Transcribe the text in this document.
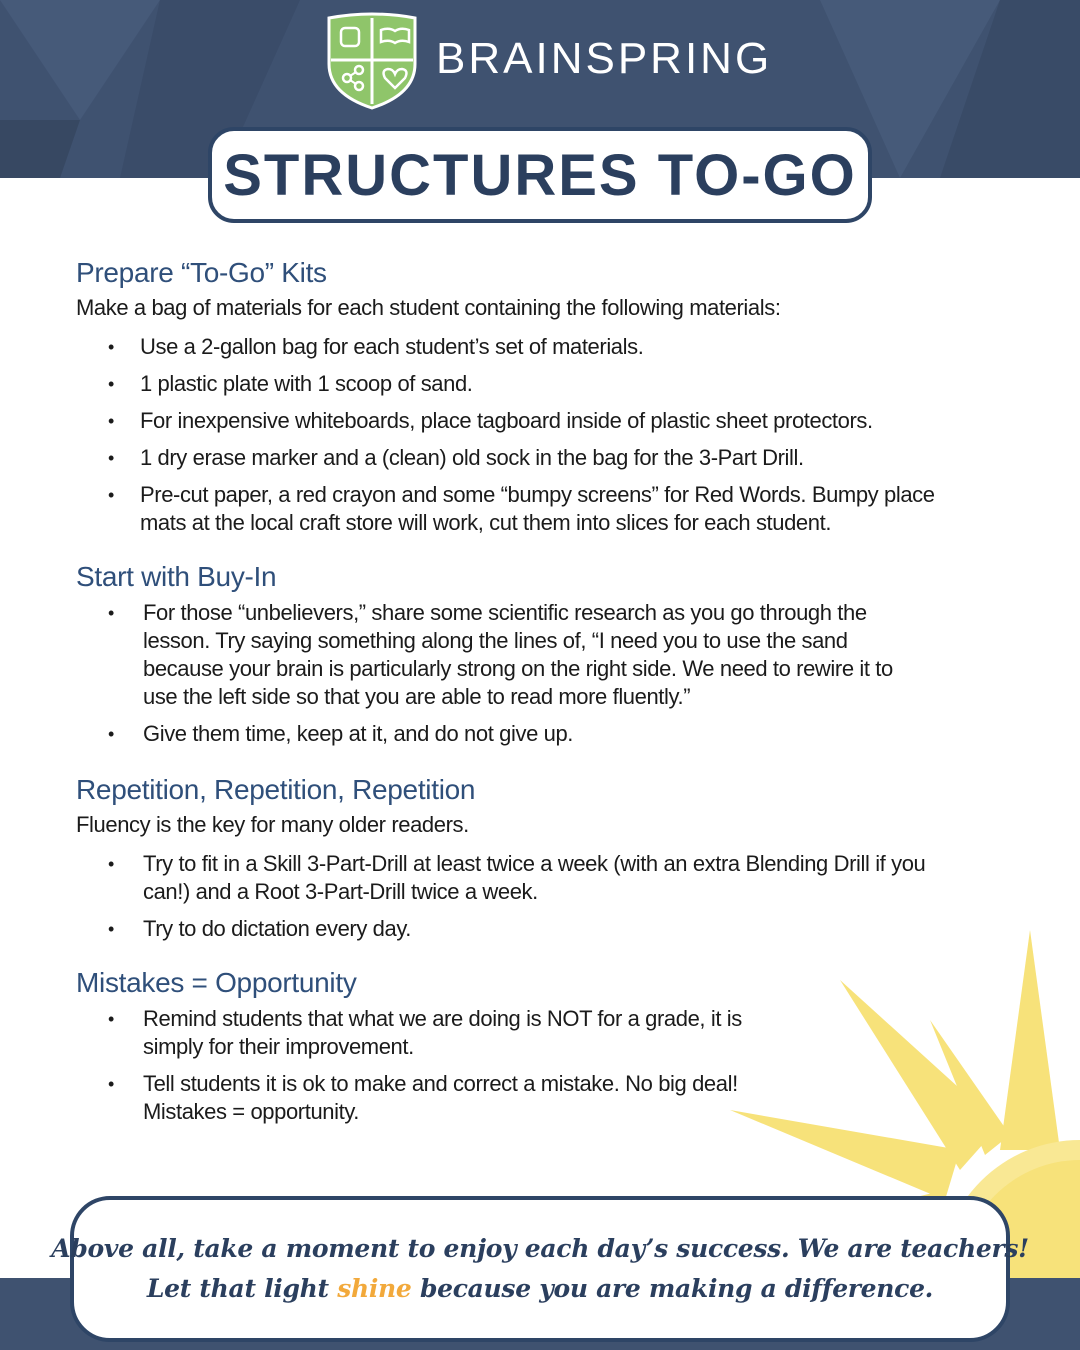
BRAINSPRING
STRUCTURES TO-GO
Prepare “To-Go” Kits

Make a bag of materials for each student containing the following materials:

• Use a 2-gallon bag for each student’s set of materials.
• 1 plastic plate with 1 scoop of sand.
• For inexpensive whiteboards, place tagboard inside of plastic sheet protectors.
• 1 dry erase marker and a (clean) old sock in the bag for the 3-Part Drill.
• Pre-cut paper, a red crayon and some “bumpy screens” for Red Words. Bumpy place mats at the local craft store will work, cut them into slices for each student.
Start with Buy-In
• For those “unbelievers,” share some scientific research as you go through the lesson. Try saying something along the lines of, “I need you to use the sand because your brain is particularly strong on the right side. We need to rewire it to use the left side so that you are able to read more fluently.”
• Give them time, keep at it, and do not give up.
Repetition, Repetition, Repetition

Fluency is the key for many older readers.

• Try to fit in a Skill 3-Part-Drill at least twice a week (with an extra Blending Drill if you can!) and a Root 3-Part-Drill twice a week.
• Try to do dictation every day.
Mistakes = Opportunity
• Remind students that what we are doing is NOT for a grade, it is simply for their improvement.
• Tell students it is ok to make and correct a mistake. No big deal! Mistakes = opportunity.
Above all, take a moment to enjoy each day’s success. We are teachers!
Let that light shine because you are making a difference.
